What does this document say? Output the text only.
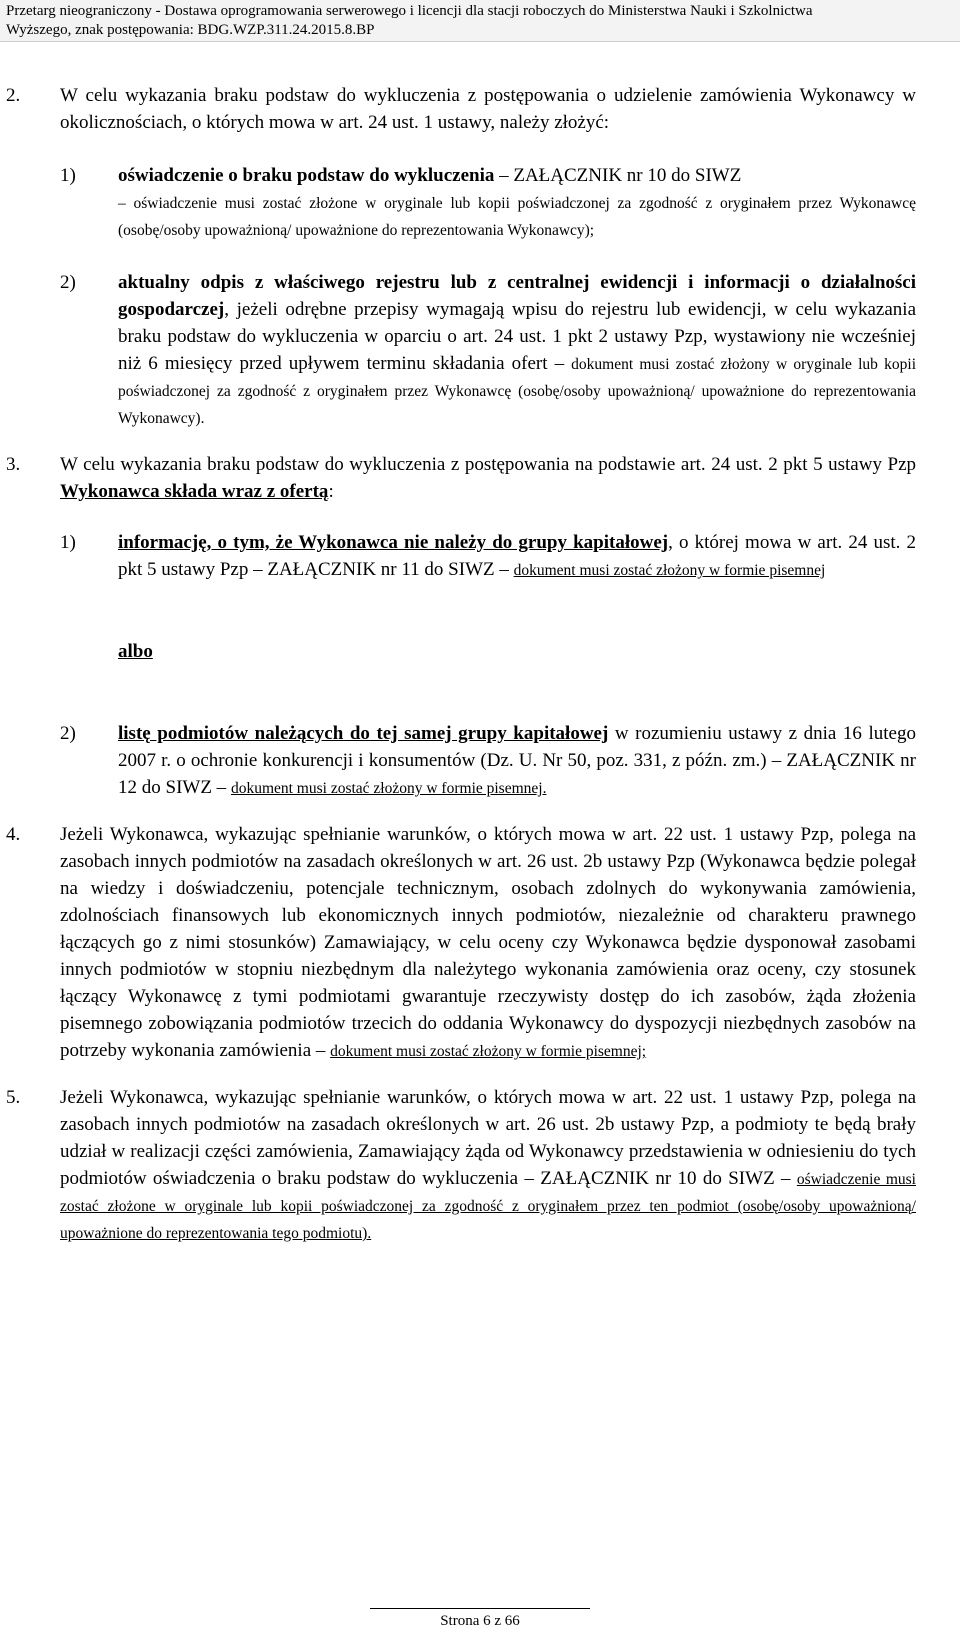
Przetarg nieograniczony - Dostawa oprogramowania serwerowego i licencji dla stacji roboczych do Ministerstwa Nauki i Szkolnictwa
Wyższego, znak postępowania: BDG.WZP.311.24.2015.8.BP

2. W celu wykazania braku podstaw do wykluczenia z postępowania o udzielenie zamówienia Wykonawcy w okolicznościach, o których mowa w art. 24 ust. 1 ustawy, należy złożyć:

1) oświadczenie o braku podstaw do wykluczenia – ZAŁĄCZNIK nr 10 do SIWZ
– oświadczenie musi zostać złożone w oryginale lub kopii poświadczonej za zgodność z oryginałem przez Wykonawcę (osobę/osoby upoważnioną/ upoważnione do reprezentowania Wykonawcy);

2) aktualny odpis z właściwego rejestru lub z centralnej ewidencji i informacji o działalności gospodarczej, jeżeli odrębne przepisy wymagają wpisu do rejestru lub ewidencji, w celu wykazania braku podstaw do wykluczenia w oparciu o art. 24 ust. 1 pkt 2 ustawy Pzp, wystawiony nie wcześniej niż 6 miesięcy przed upływem terminu składania ofert – dokument musi zostać złożony w oryginale lub kopii poświadczonej za zgodność z oryginałem przez Wykonawcę (osobę/osoby upoważnioną/ upoważnione do reprezentowania Wykonawcy).

3. W celu wykazania braku podstaw do wykluczenia z postępowania na podstawie art. 24 ust. 2 pkt 5 ustawy Pzp Wykonawca składa wraz z ofertą:

1) informację, o tym, że Wykonawca nie należy do grupy kapitałowej, o której mowa w art. 24 ust. 2 pkt 5 ustawy Pzp – ZAŁĄCZNIK nr 11 do SIWZ – dokument musi zostać złożony w formie pisemnej

albo

2) listę podmiotów należących do tej samej grupy kapitałowej w rozumieniu ustawy z dnia 16 lutego 2007 r. o ochronie konkurencji i konsumentów (Dz. U. Nr 50, poz. 331, z późn. zm.) – ZAŁĄCZNIK nr 12 do SIWZ – dokument musi zostać złożony w formie pisemnej.

4. Jeżeli Wykonawca, wykazując spełnianie warunków, o których mowa w art. 22 ust. 1 ustawy Pzp, polega na zasobach innych podmiotów na zasadach określonych w art. 26 ust. 2b ustawy Pzp (Wykonawca będzie polegał na wiedzy i doświadczeniu, potencjale technicznym, osobach zdolnych do wykonywania zamówienia, zdolnościach finansowych lub ekonomicznych innych podmiotów, niezależnie od charakteru prawnego łączących go z nimi stosunków) Zamawiający, w celu oceny czy Wykonawca będzie dysponował zasobami innych podmiotów w stopniu niezbędnym dla należytego wykonania zamówienia oraz oceny, czy stosunek łączący Wykonawcę z tymi podmiotami gwarantuje rzeczywisty dostęp do ich zasobów, żąda złożenia pisemnego zobowiązania podmiotów trzecich do oddania Wykonawcy do dyspozycji niezbędnych zasobów na potrzeby wykonania zamówienia – dokument musi zostać złożony w formie pisemnej;

5. Jeżeli Wykonawca, wykazując spełnianie warunków, o których mowa w art. 22 ust. 1 ustawy Pzp, polega na zasobach innych podmiotów na zasadach określonych w art. 26 ust. 2b ustawy Pzp, a podmioty te będą brały udział w realizacji części zamówienia, Zamawiający żąda od Wykonawcy przedstawienia w odniesieniu do tych podmiotów oświadczenia o braku podstaw do wykluczenia – ZAŁĄCZNIK nr 10 do SIWZ – oświadczenie musi zostać złożone w oryginale lub kopii poświadczonej za zgodność z oryginałem przez ten podmiot (osobę/osoby upoważnioną/ upoważnione do reprezentowania tego podmiotu).

Strona 6 z 66
